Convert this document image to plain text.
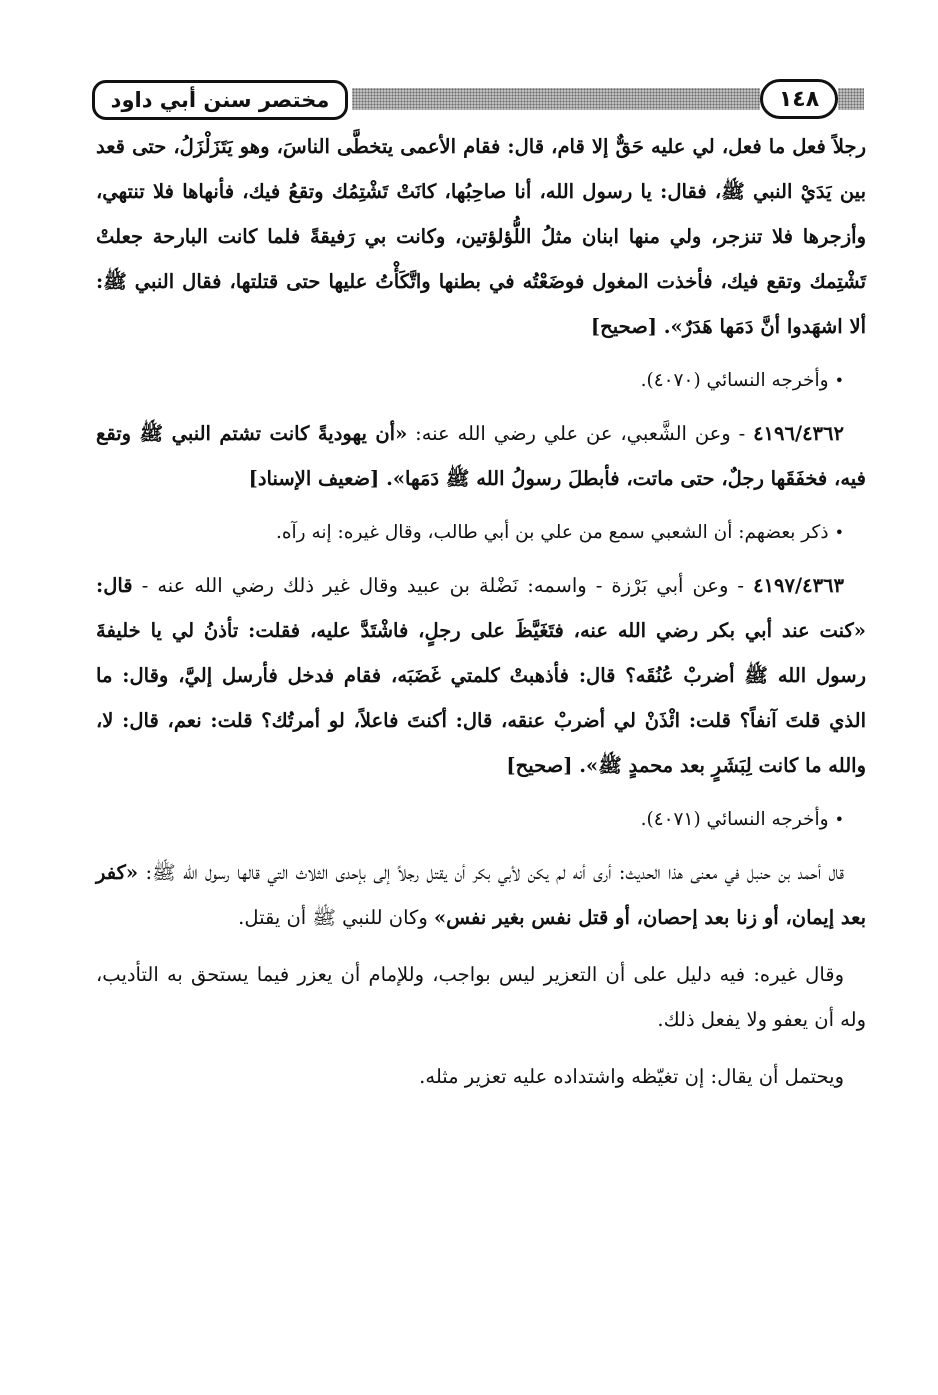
مختصر سنن أبي داود	١٤٨

رجلاً فعل ما فعل، لي عليه حَقٌّ إلا قام، قال: فقام الأعمى يتخطَّى الناسَ، وهو يَتَزَلْزَلُ، حتى قعد بين يَدَيْ النبي ﷺ، فقال: يا رسول الله، أنا صاحِبُها، كانَتْ تَشْتِمُك وتقعُ فيك، فأنهاها فلا تنتهي، وأزجرها فلا تنزجر، ولي منها ابنان مثلُ اللُّؤلؤتين، وكانت بي رَفيقةً فلما كانت البارحة جعلتْ تَشْتِمك وتقع فيك، فأخذت المغول فوضَعْتُه في بطنها واتَّكَأْتُ عليها حتى قتلتها، فقال النبي ﷺ: ألا اشهَدوا أنَّ دَمَها هَدَرٌ». [صحيح]

•وأخرجه النسائي (٤٠٧٠).

٤١٩٦/٤٣٦٢ - وعن الشَّعبي، عن علي رضي الله عنه: «أن يهوديةً كانت تشتم النبي ﷺ وتقع فيه، فخفَقَها رجلٌ، حتى ماتت، فأبطلَ رسولُ الله ﷺ دَمَها». [ضعيف الإسناد]

•ذكر بعضهم: أن الشعبي سمع من علي بن أبي طالب، وقال غيره: إنه رآه.

٤١٩٧/٤٣٦٣ - وعن أبي بَرْزة - واسمه: نَضْلة بن عبيد وقال غير ذلك رضي الله عنه - قال: «كنت عند أبي بكر رضي الله عنه، فتَغَيَّظَ على رجلٍ، فاشْتَدَّ عليه، فقلت: تأذنُ لي يا خليفةَ رسول الله ﷺ أضربْ عُنُقَه؟ قال: فأذهبتْ كلمتي غَضَبَه، فقام فدخل فأرسل إليَّ، وقال: ما الذي قلتَ آنفاً؟ قلت: ائْذَنْ لي أضربْ عنقه، قال: أكنتَ فاعلاً، لو أمرتُك؟ قلت: نعم، قال: لا، والله ما كانت لِبَشَرٍ بعد محمدٍ ﷺ». [صحيح]

•وأخرجه النسائي (٤٠٧١).

قال أحمد بن حنبل في معنى هذا الحديث: أرى أنه لم يكن لأبي بكر أن يقتل رجلاً إلى بإحدى الثلاث التي قالها رسول الله ﷺ: «كفر بعد إيمان، أو زنا بعد إحصان، أو قتل نفس بغير نفس» وكان للنبي ﷺ أن يقتل.

وقال غيره: فيه دليل على أن التعزير ليس بواجب، وللإمام أن يعزر فيما يستحق به التأديب، وله أن يعفو ولا يفعل ذلك.

ويحتمل أن يقال: إن تغيّظه واشتداده عليه تعزير مثله.
